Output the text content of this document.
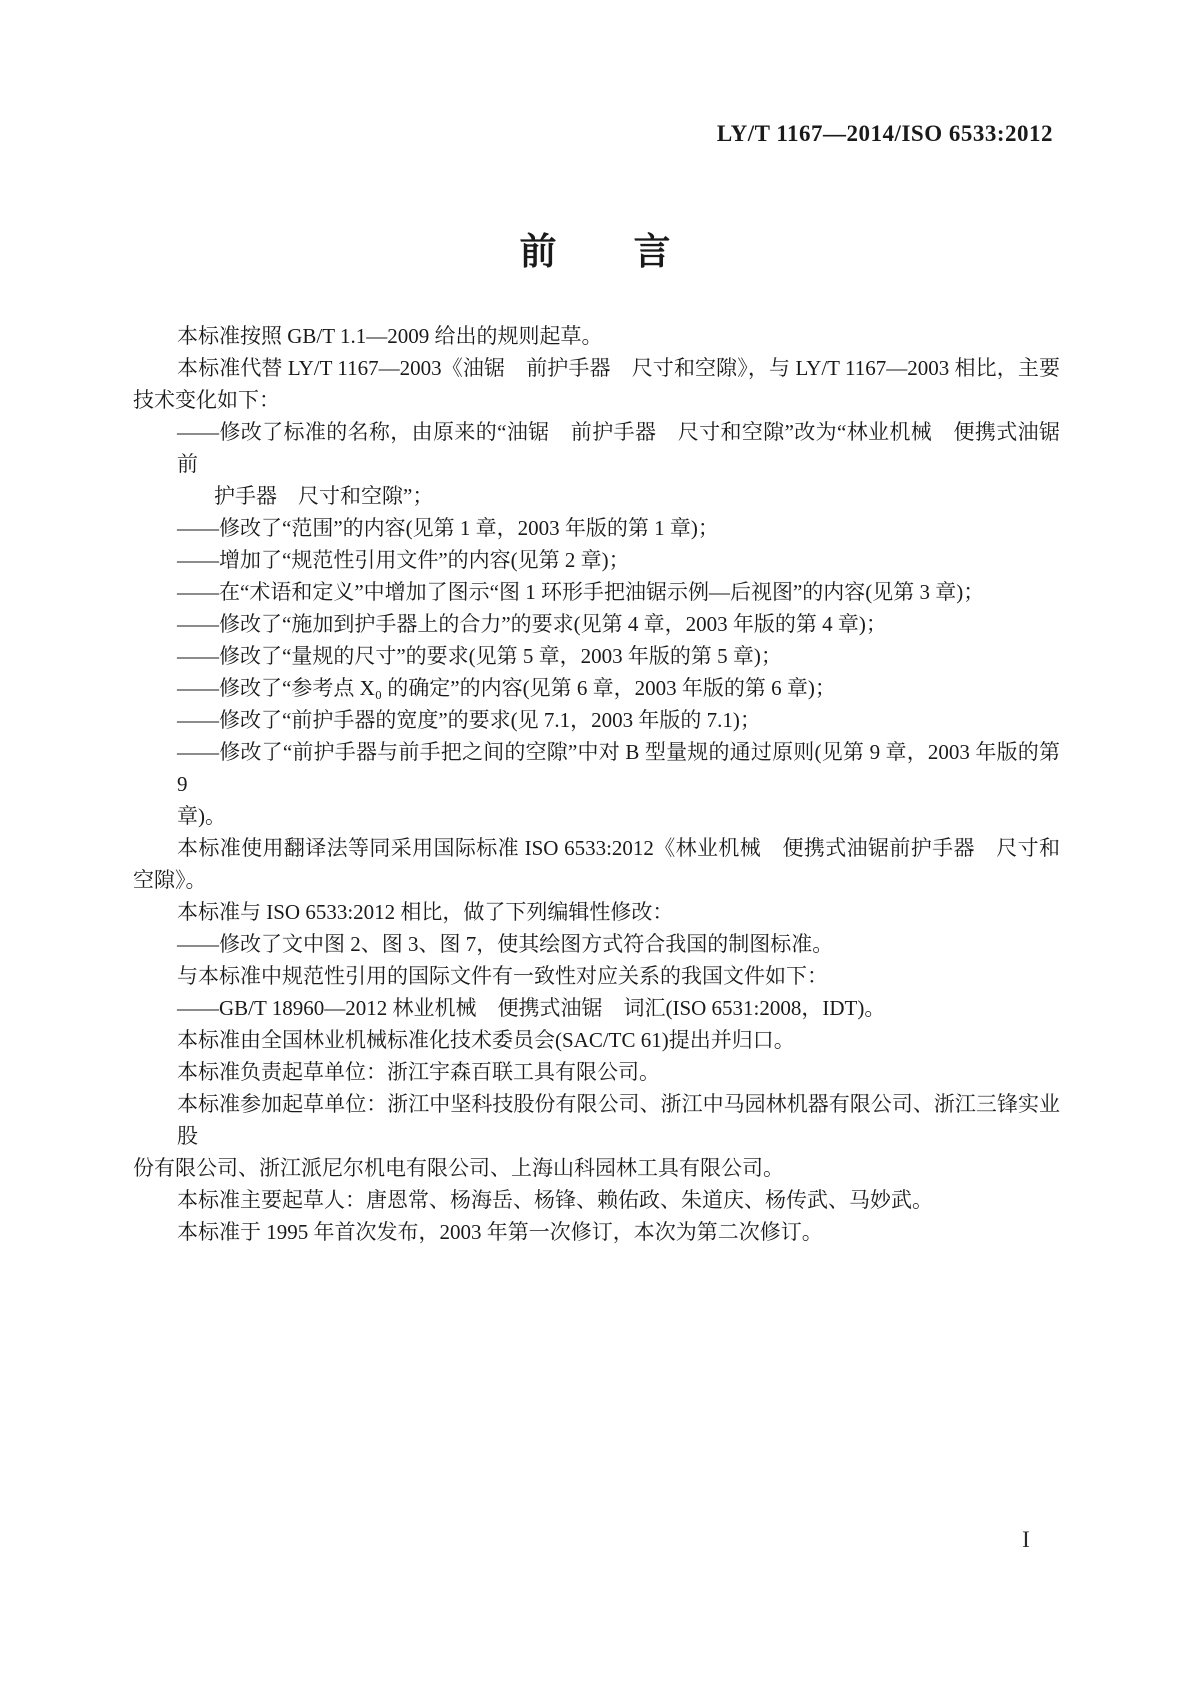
LY/T 1167—2014/ISO 6533:2012
前　　言
本标准按照 GB/T 1.1—2009 给出的规则起草。
本标准代替 LY/T 1167—2003《油锯　前护手器　尺寸和空隙》，与 LY/T 1167—2003 相比，主要
技术变化如下：
——修改了标准的名称，由原来的“油锯　前护手器　尺寸和空隙”改为“林业机械　便携式油锯前
护手器　尺寸和空隙”；
——修改了“范围”的内容(见第 1 章，2003 年版的第 1 章)；
——增加了“规范性引用文件”的内容(见第 2 章)；
——在“术语和定义”中增加了图示“图 1 环形手把油锯示例—后视图”的内容(见第 3 章)；
——修改了“施加到护手器上的合力”的要求(见第 4 章，2003 年版的第 4 章)；
——修改了“量规的尺寸”的要求(见第 5 章，2003 年版的第 5 章)；
——修改了“参考点 X₀ 的确定”的内容(见第 6 章，2003 年版的第 6 章)；
——修改了“前护手器的宽度”的要求(见 7.1，2003 年版的 7.1)；
——修改了“前护手器与前手把之间的空隙”中对 B 型量规的通过原则(见第 9 章，2003 年版的第 9
章)。
本标准使用翻译法等同采用国际标准 ISO 6533:2012《林业机械　便携式油锯前护手器　尺寸和
空隙》。
本标准与 ISO 6533:2012 相比，做了下列编辑性修改：
——修改了文中图 2、图 3、图 7，使其绘图方式符合我国的制图标准。
与本标准中规范性引用的国际文件有一致性对应关系的我国文件如下：
——GB/T 18960—2012 林业机械　便携式油锯　词汇(ISO 6531:2008，IDT)。
本标准由全国林业机械标准化技术委员会(SAC/TC 61)提出并归口。
本标准负责起草单位：浙江宇森百联工具有限公司。
本标准参加起草单位：浙江中坚科技股份有限公司、浙江中马园林机器有限公司、浙江三锋实业股
份有限公司、浙江派尼尔机电有限公司、上海山科园林工具有限公司。
本标准主要起草人：唐恩常、杨海岳、杨锋、赖佑政、朱道庆、杨传武、马妙武。
本标准于 1995 年首次发布，2003 年第一次修订，本次为第二次修订。
I
